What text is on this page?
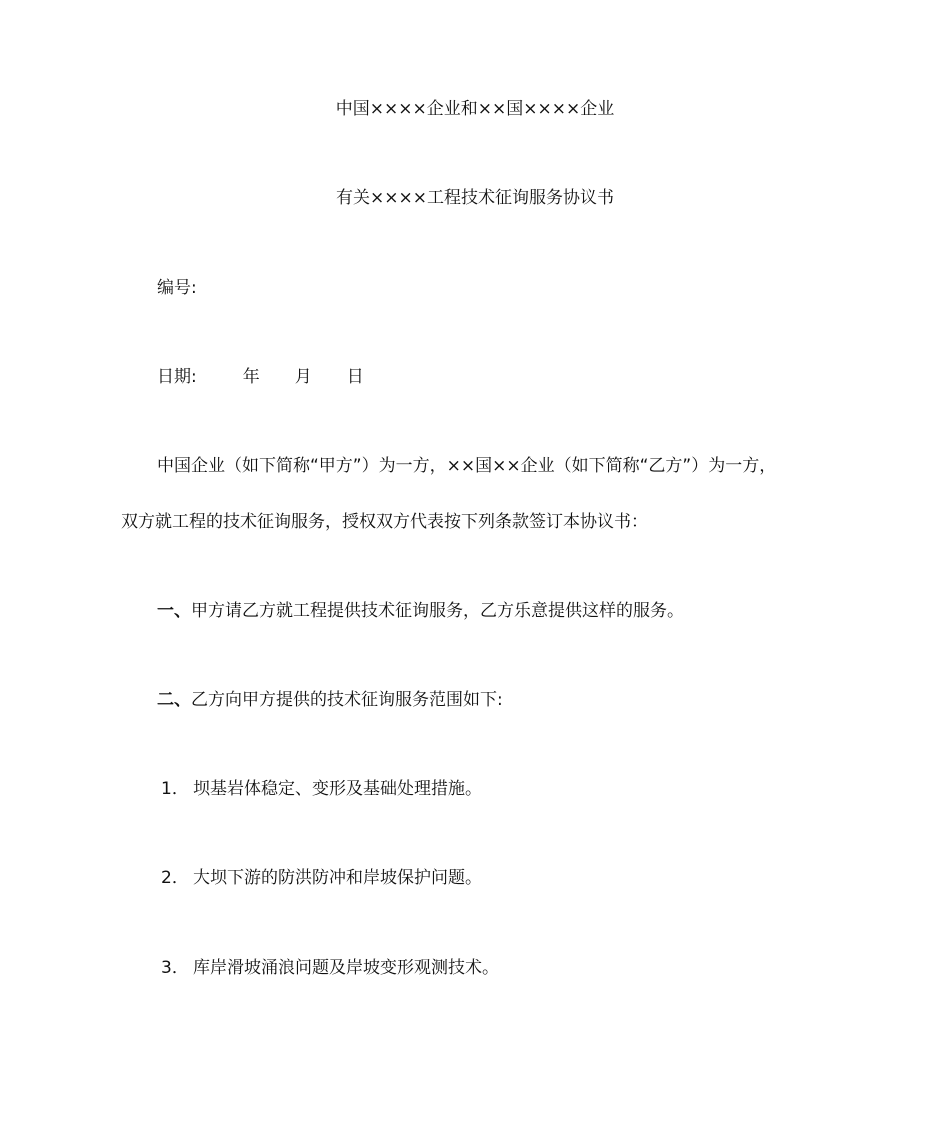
中国××××企业和××国××××企业
有关××××工程技术征询服务协议书
编号:
日期:	年 月 日
中国企业（如下简称“甲方”）为一方，××国××企业（如下简称“乙方”）为一方，
双方就工程的技术征询服务，授权双方代表按下列条款签订本协议书：
一、甲方请乙方就工程提供技术征询服务，乙方乐意提供这样的服务。
二、乙方向甲方提供的技术征询服务范围如下:
1． 坝基岩体稳定、变形及基础处理措施。
2． 大坝下游的防洪防冲和岸坡保护问题。
3． 库岸滑坡涌浪问题及岸坡变形观测技术。
